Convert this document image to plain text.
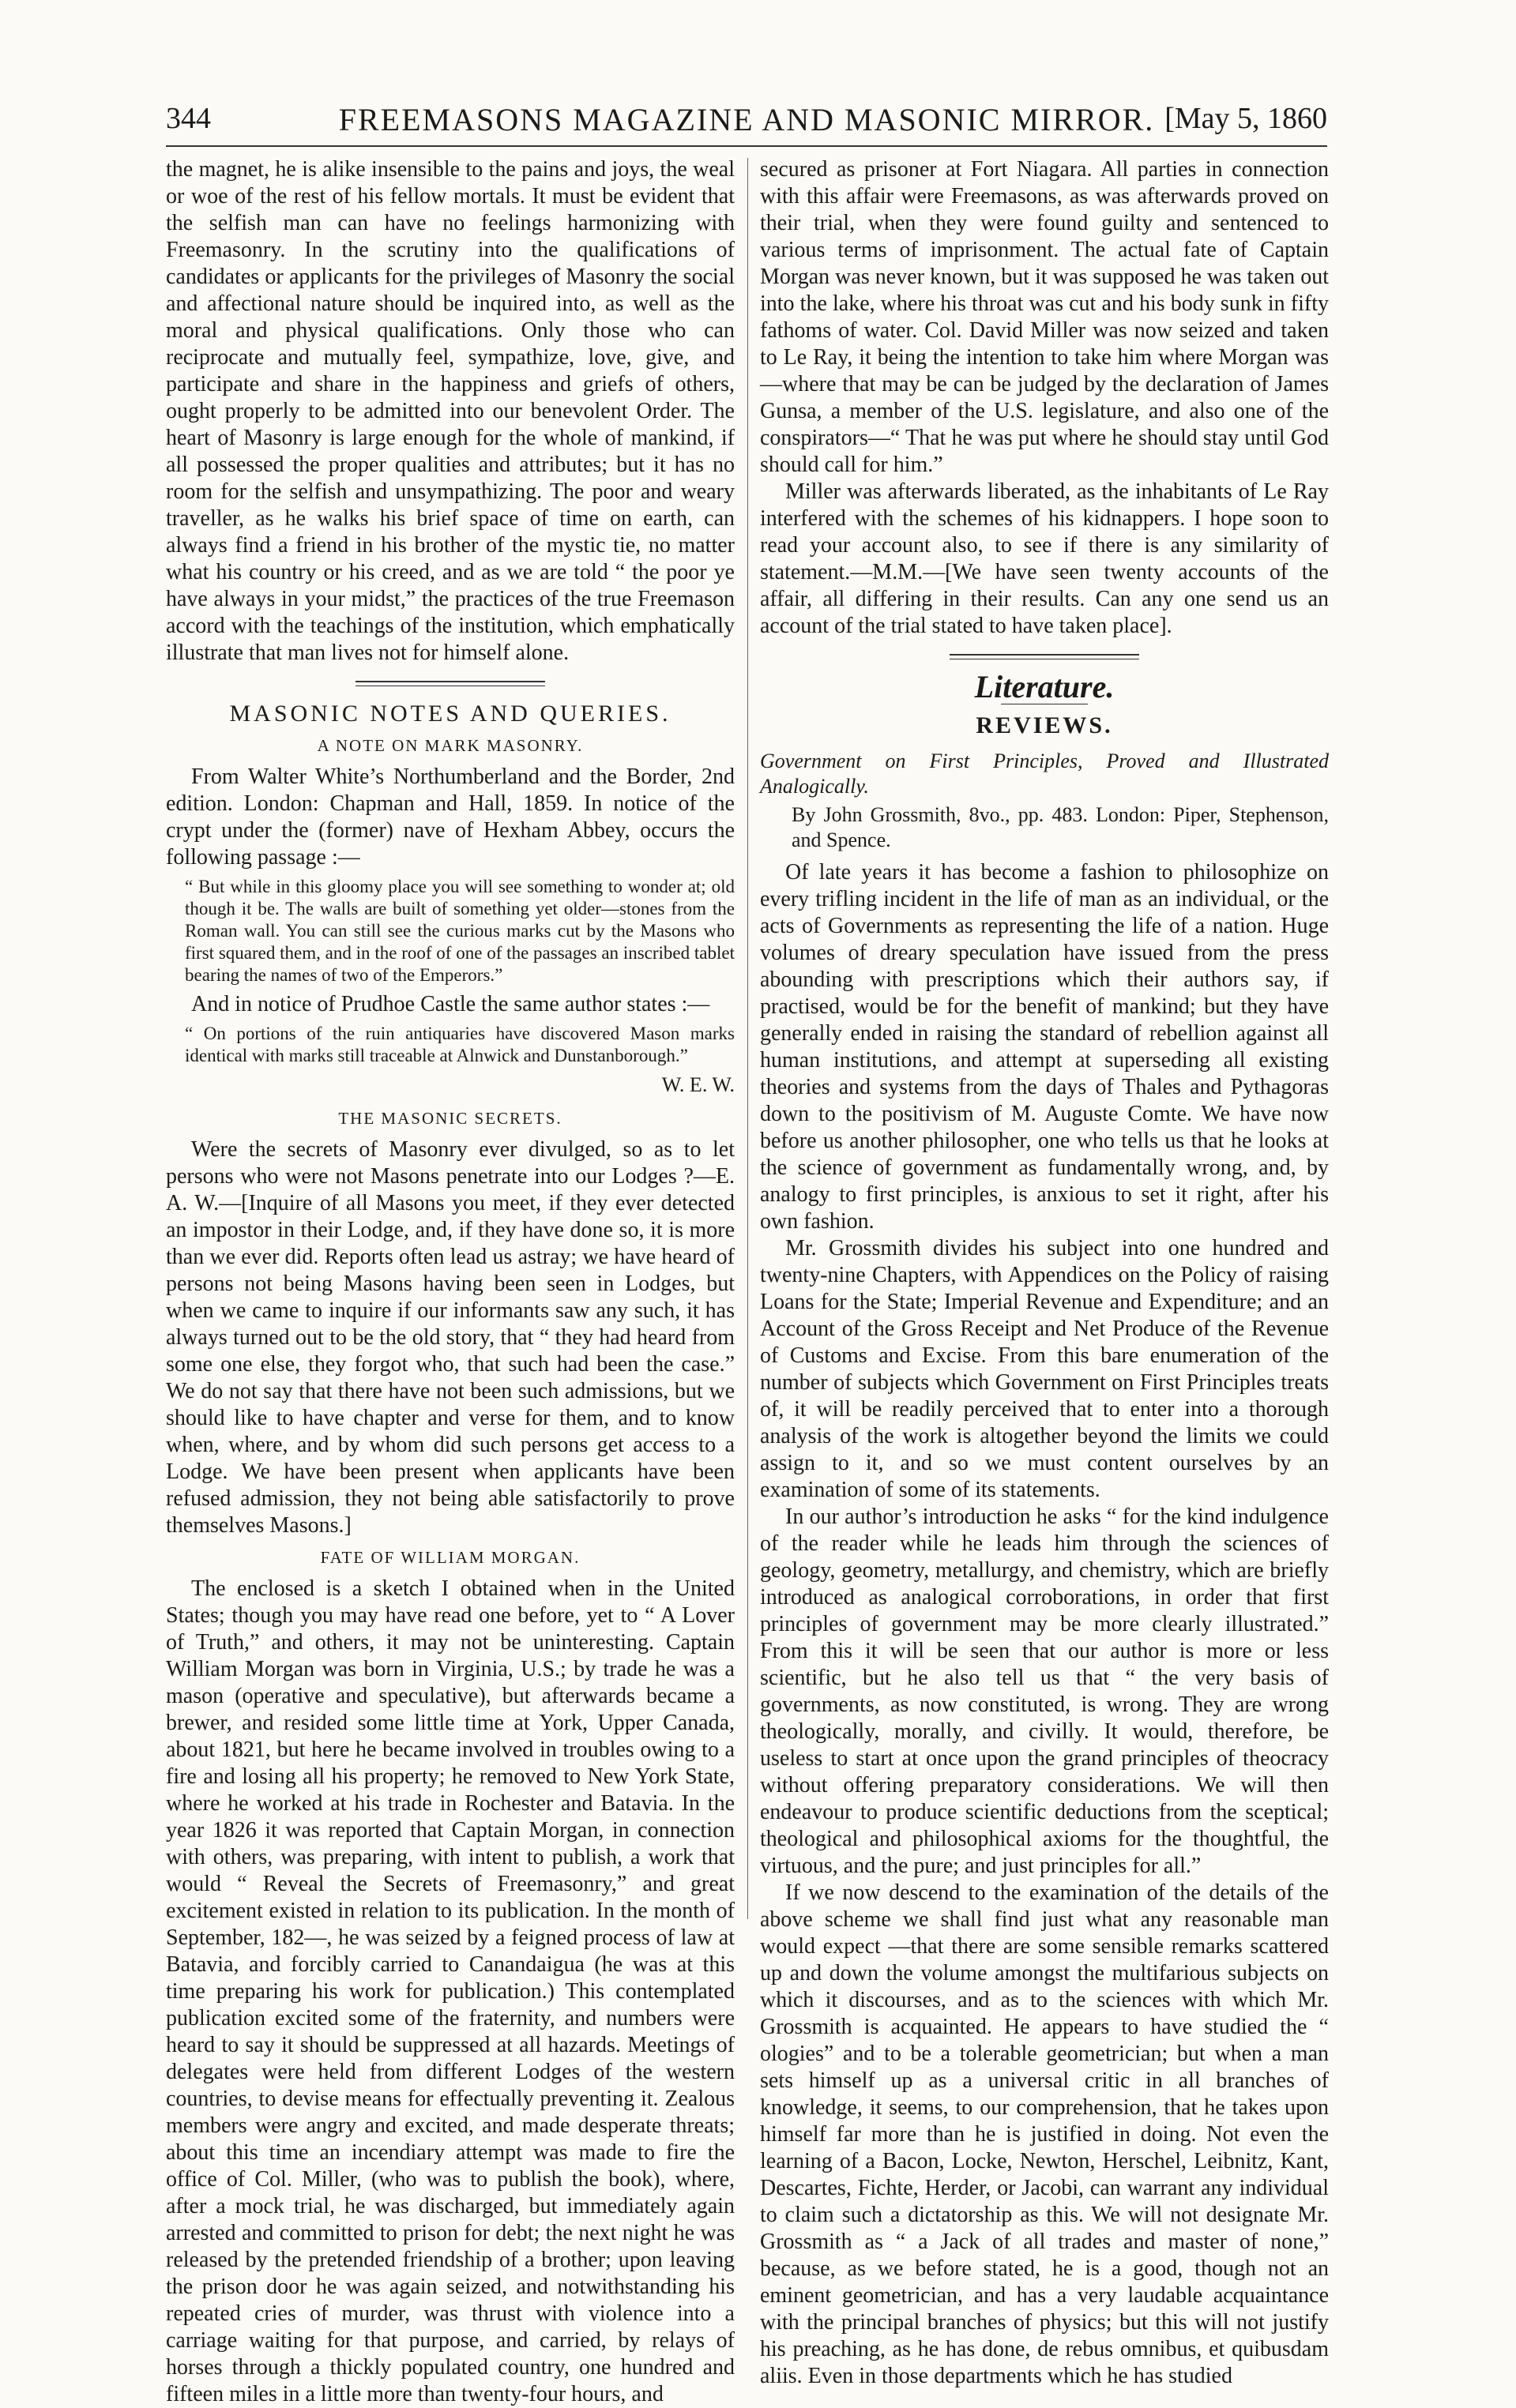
344	FREEMASONS MAGAZINE AND MASONIC MIRROR. [May 5, 1860

the magnet, he is alike insensible to the pains and joys, the weal or woe of the rest of his fellow mortals. It must be evident that the selfish man can have no feelings harmonizing with Freemasonry. In the scrutiny into the qualifications of candidates or applicants for the privileges of Masonry the social and affectional nature should be inquired into, as well as the moral and physical qualifications. Only those who can reciprocate and mutually feel, sympathize, love, give, and participate and share in the happiness and griefs of others, ought properly to be admitted into our benevolent Order. The heart of Masonry is large enough for the whole of mankind, if all possessed the proper qualities and attributes; but it has no room for the selfish and unsympathizing. The poor and weary traveller, as he walks his brief space of time on earth, can always find a friend in his brother of the mystic tie, no matter what his country or his creed, and as we are told “ the poor ye have always in your midst,” the practices of the true Freemason accord with the teachings of the institution, which emphatically illustrate that man lives not for himself alone.

MASONIC NOTES AND QUERIES.
A NOTE ON MARK MASONRY.

From Walter White’s Northumberland and the Border, 2nd edition. London: Chapman and Hall, 1859. In notice of the crypt under the (former) nave of Hexham Abbey, occurs the following passage :—

“ But while in this gloomy place you will see something to wonder at; old though it be. The walls are built of something yet older—stones from the Roman wall. You can still see the curious marks cut by the Masons who first squared them, and in the roof of one of the passages an inscribed tablet bearing the names of two of the Emperors.”

And in notice of Prudhoe Castle the same author states :—

“ On portions of the ruin antiquaries have discovered Mason marks identical with marks still traceable at Alnwick and Dunstanborough.”
W. E. W.
THE MASONIC SECRETS.

Were the secrets of Masonry ever divulged, so as to let persons who were not Masons penetrate into our Lodges ?—E. A. W.—[Inquire of all Masons you meet, if they ever detected an impostor in their Lodge, and, if they have done so, it is more than we ever did. Reports often lead us astray; we have heard of persons not being Masons having been seen in Lodges, but when we came to inquire if our informants saw any such, it has always turned out to be the old story, that “ they had heard from some one else, they forgot who, that such had been the case.” We do not say that there have not been such admissions, but we should like to have chapter and verse for them, and to know when, where, and by whom did such persons get access to a Lodge. We have been present when applicants have been refused admission, they not being able satisfactorily to prove themselves Masons.]

FATE OF WILLIAM MORGAN.

The enclosed is a sketch I obtained when in the United States; though you may have read one before, yet to “ A Lover of Truth,” and others, it may not be uninteresting. Captain William Morgan was born in Virginia, U.S.; by trade he was a mason (operative and speculative), but afterwards became a brewer, and resided some little time at York, Upper Canada, about 1821, but here he became involved in troubles owing to a fire and losing all his property; he removed to New York State, where he worked at his trade in Rochester and Batavia. In the year 1826 it was reported that Captain Morgan, in connection with others, was preparing, with intent to publish, a work that would “ Reveal the Secrets of Freemasonry,” and great excitement existed in relation to its publication. In the month of September, 182—, he was seized by a feigned process of law at Batavia, and forcibly carried to Canandaigua (he was at this time preparing his work for publication.) This contemplated publication excited some of the fraternity, and numbers were heard to say it should be suppressed at all hazards. Meetings of delegates were held from different Lodges of the western countries, to devise means for effectually preventing it. Zealous members were angry and excited, and made desperate threats; about this time an incendiary attempt was made to fire the office of Col. Miller, (who was to publish the book), where, after a mock trial, he was discharged, but immediately again arrested and committed to prison for debt; the next night he was released by the pretended friendship of a brother; upon leaving the prison door he was again seized, and notwithstanding his repeated cries of murder, was thrust with violence into a carriage waiting for that purpose, and carried, by relays of horses through a thickly populated country, one hundred and fifteen miles in a little more than twenty-four hours, and

secured as prisoner at Fort Niagara. All parties in connection with this affair were Freemasons, as was afterwards proved on their trial, when they were found guilty and sentenced to various terms of imprisonment. The actual fate of Captain Morgan was never known, but it was supposed he was taken out into the lake, where his throat was cut and his body sunk in fifty fathoms of water. Col. David Miller was now seized and taken to Le Ray, it being the intention to take him where Morgan was—where that may be can be judged by the declaration of James Gunsa, a member of the U.S. legislature, and also one of the conspirators—“ That he was put where he should stay until God should call for him.”

Miller was afterwards liberated, as the inhabitants of Le Ray interfered with the schemes of his kidnappers. I hope soon to read your account also, to see if there is any similarity of statement.—M.M.—[We have seen twenty accounts of the affair, all differing in their results. Can any one send us an account of the trial stated to have taken place].

Literature.
REVIEWS.
Government on First Principles, Proved and Illustrated Analogically.
By John Grossmith, 8vo., pp. 483. London: Piper, Stephenson, and Spence.

Of late years it has become a fashion to philosophize on every trifling incident in the life of man as an individual, or the acts of Governments as representing the life of a nation. Huge volumes of dreary speculation have issued from the press abounding with prescriptions which their authors say, if practised, would be for the benefit of mankind; but they have generally ended in raising the standard of rebellion against all human institutions, and attempt at superseding all existing theories and systems from the days of Thales and Pythagoras down to the positivism of M. Auguste Comte. We have now before us another philosopher, one who tells us that he looks at the science of government as fundamentally wrong, and, by analogy to first principles, is anxious to set it right, after his own fashion.

Mr. Grossmith divides his subject into one hundred and twenty-nine Chapters, with Appendices on the Policy of raising Loans for the State; Imperial Revenue and Expenditure; and an Account of the Gross Receipt and Net Produce of the Revenue of Customs and Excise. From this bare enumeration of the number of subjects which Government on First Principles treats of, it will be readily perceived that to enter into a thorough analysis of the work is altogether beyond the limits we could assign to it, and so we must content ourselves by an examination of some of its statements.

In our author’s introduction he asks “ for the kind indulgence of the reader while he leads him through the sciences of geology, geometry, metallurgy, and chemistry, which are briefly introduced as analogical corroborations, in order that first principles of government may be more clearly illustrated.” From this it will be seen that our author is more or less scientific, but he also tell us that “ the very basis of governments, as now constituted, is wrong. They are wrong theologically, morally, and civilly. It would, therefore, be useless to start at once upon the grand principles of theocracy without offering preparatory considerations. We will then endeavour to produce scientific deductions from the sceptical; theological and philosophical axioms for the thoughtful, the virtuous, and the pure; and just principles for all.”

If we now descend to the examination of the details of the above scheme we shall find just what any reasonable man would expect —that there are some sensible remarks scattered up and down the volume amongst the multifarious subjects on which it discourses, and as to the sciences with which Mr. Grossmith is acquainted. He appears to have studied the “ ologies” and to be a tolerable geometrician; but when a man sets himself up as a universal critic in all branches of knowledge, it seems, to our comprehension, that he takes upon himself far more than he is justified in doing. Not even the learning of a Bacon, Locke, Newton, Herschel, Leibnitz, Kant, Descartes, Fichte, Herder, or Jacobi, can warrant any individual to claim such a dictatorship as this. We will not designate Mr. Grossmith as “ a Jack of all trades and master of none,” because, as we before stated, he is a good, though not an eminent geometrician, and has a very laudable acquaintance with the principal branches of physics; but this will not justify his preaching, as he has done, de rebus omnibus, et quibusdam aliis. Even in those departments which he has studied
